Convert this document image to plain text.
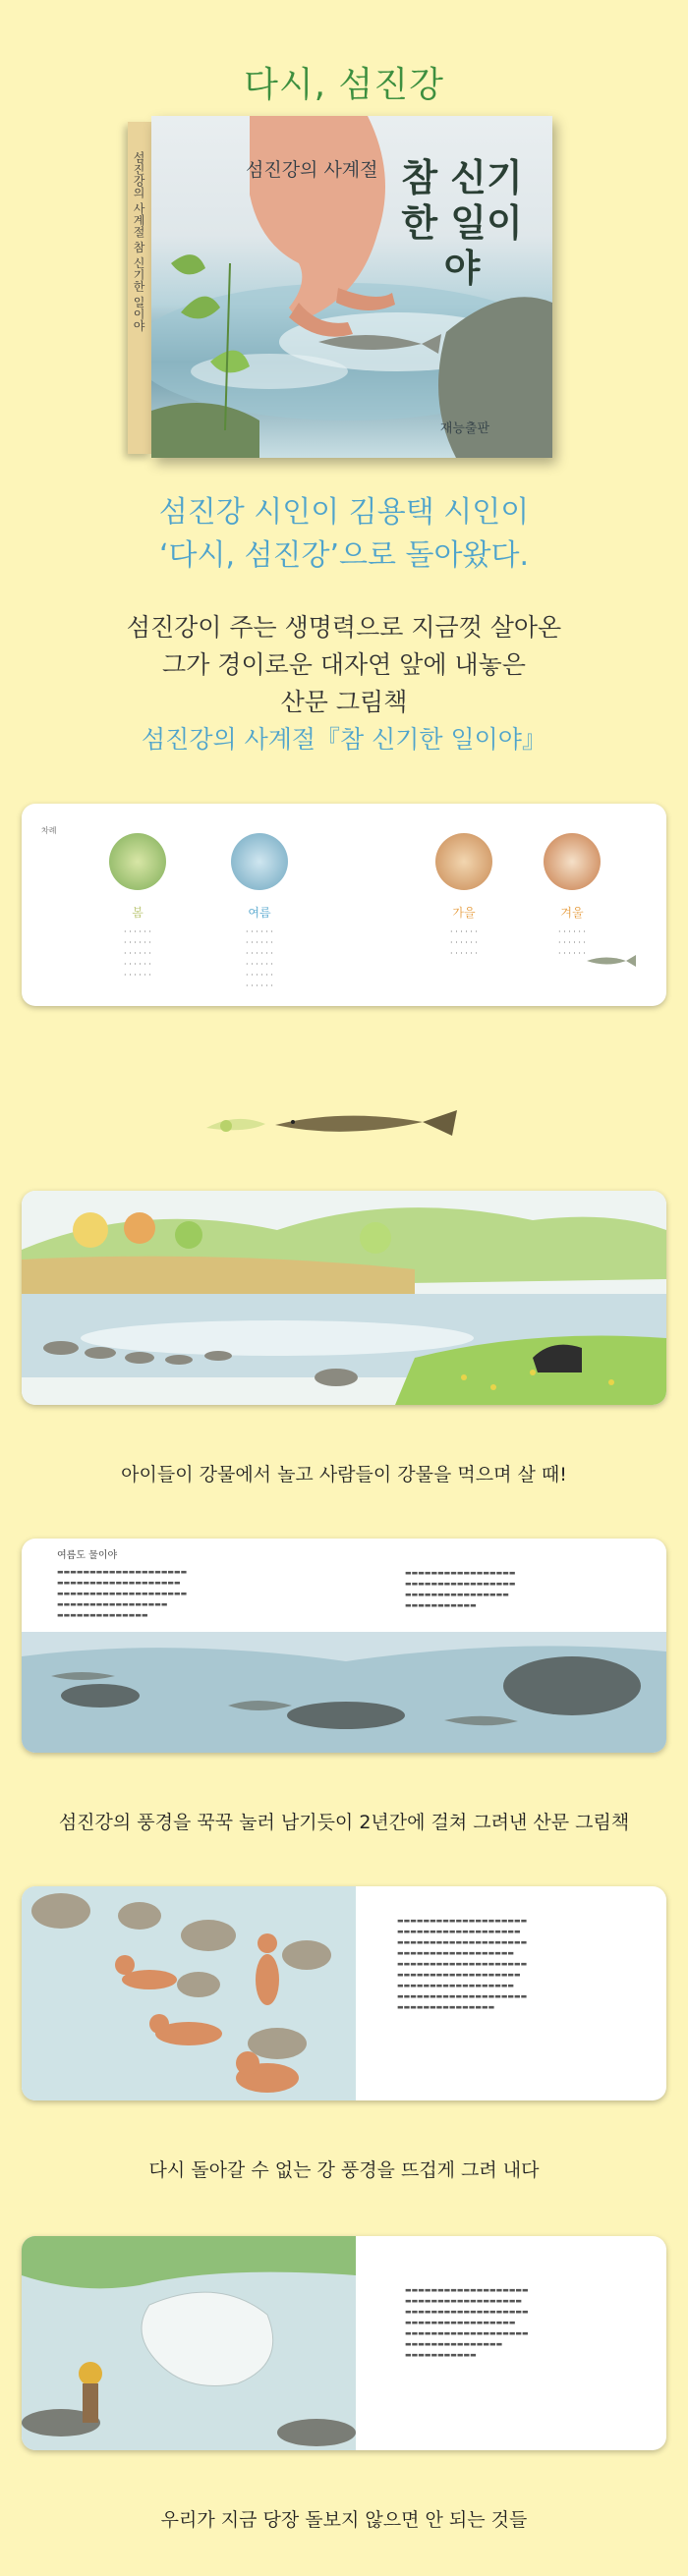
다시, 섬진강
섬진강의 사계절 참 신기한 일이야	섬진강의 사계절 참 신기한 일이야
재능출판
섬진강 시인이 김용택 시인이
‘다시, 섬진강’으로 돌아왔다.
섬진강이 주는 생명력으로 지금껏 살아온
그가 경이로운 대자연 앞에 내놓은
산문 그림책
섬진강의 사계절『참 신기한 일이야』
차례
봄
· · · · · ·
· · · · · ·
· · · · · ·
· · · · · ·
· · · · · ·
여름
· · · · · ·
· · · · · ·
· · · · · ·
· · · · · ·
· · · · · ·
· · · · · ·
가을
· · · · · ·
· · · · · ·
· · · · · ·
겨울
· · · · · ·
· · · · · ·
· · · · · ·
아이들이 강물에서 놀고 사람들이 강물을 먹으며 살 때!
여름도 물이야
▬▬▬▬▬▬▬▬▬▬▬▬▬▬▬▬▬▬▬▬
▬▬▬▬▬▬▬▬▬▬▬▬▬▬▬▬▬▬▬
▬▬▬▬▬▬▬▬▬▬▬▬▬▬▬▬▬▬▬▬
▬▬▬▬▬▬▬▬▬▬▬▬▬▬▬▬▬
▬▬▬▬▬▬▬▬▬▬▬▬▬▬
▬▬▬▬▬▬▬▬▬▬▬▬▬▬▬▬▬
▬▬▬▬▬▬▬▬▬▬▬▬▬▬▬▬▬
▬▬▬▬▬▬▬▬▬▬▬▬▬▬▬▬
▬▬▬▬▬▬▬▬▬▬▬
섬진강의 풍경을 꾹꾹 눌러 남기듯이 2년간에 걸쳐 그려낸 산문 그림책
▬▬▬▬▬▬▬▬▬▬▬▬▬▬▬▬▬▬▬▬
▬▬▬▬▬▬▬▬▬▬▬▬▬▬▬▬▬▬▬
▬▬▬▬▬▬▬▬▬▬▬▬▬▬▬▬▬▬▬▬
▬▬▬▬▬▬▬▬▬▬▬▬▬▬▬▬▬▬
▬▬▬▬▬▬▬▬▬▬▬▬▬▬▬▬▬▬▬▬
▬▬▬▬▬▬▬▬▬▬▬▬▬▬▬▬▬▬▬
▬▬▬▬▬▬▬▬▬▬▬▬▬▬▬▬▬▬
▬▬▬▬▬▬▬▬▬▬▬▬▬▬▬▬▬▬▬▬
▬▬▬▬▬▬▬▬▬▬▬▬▬▬▬
다시 돌아갈 수 없는 강 풍경을 뜨겁게 그려 내다
▬▬▬▬▬▬▬▬▬▬▬▬▬▬▬▬▬▬▬
▬▬▬▬▬▬▬▬▬▬▬▬▬▬▬▬▬▬
▬▬▬▬▬▬▬▬▬▬▬▬▬▬▬▬▬▬▬
▬▬▬▬▬▬▬▬▬▬▬▬▬▬▬▬▬
▬▬▬▬▬▬▬▬▬▬▬▬▬▬▬▬▬▬▬
▬▬▬▬▬▬▬▬▬▬▬▬▬▬▬
▬▬▬▬▬▬▬▬▬▬▬
우리가 지금 당장 돌보지 않으면 안 되는 것들
